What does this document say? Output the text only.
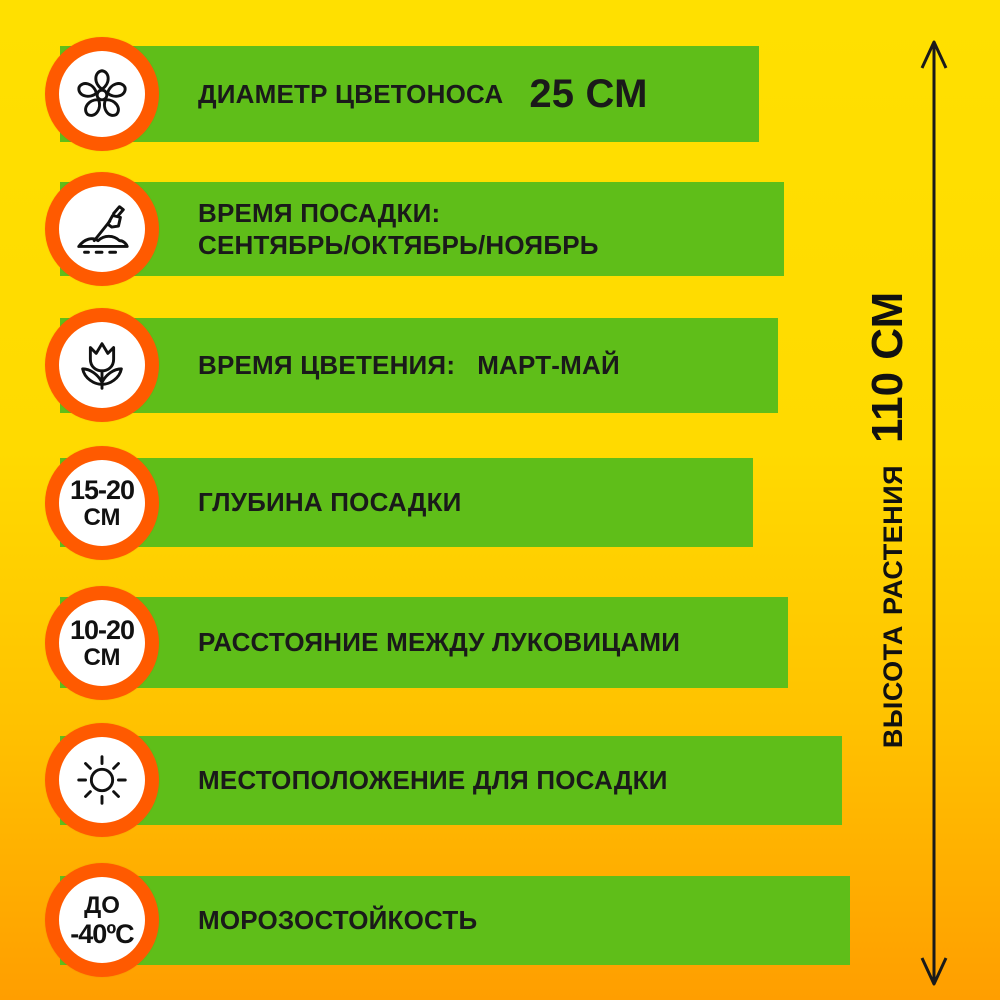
ДИАМЕТР ЦВЕТОНОСА 25 СМ
ВРЕМЯ ПОСАДКИ:
СЕНТЯБРЬ/ОКТЯБРЬ/НОЯБРЬ
ВРЕМЯ ЦВЕТЕНИЯ: МАРТ-МАЙ
ГЛУБИНА ПОСАДКИ
15-20
СМ
РАССТОЯНИЕ МЕЖДУ ЛУКОВИЦАМИ
10-20
СМ
МЕСТОПОЛОЖЕНИЕ ДЛЯ ПОСАДКИ
МОРОЗОСТОЙКОСТЬ
ДО
-40ºС
ВЫСОТА
РАСТЕНИЯ
110 СМ
